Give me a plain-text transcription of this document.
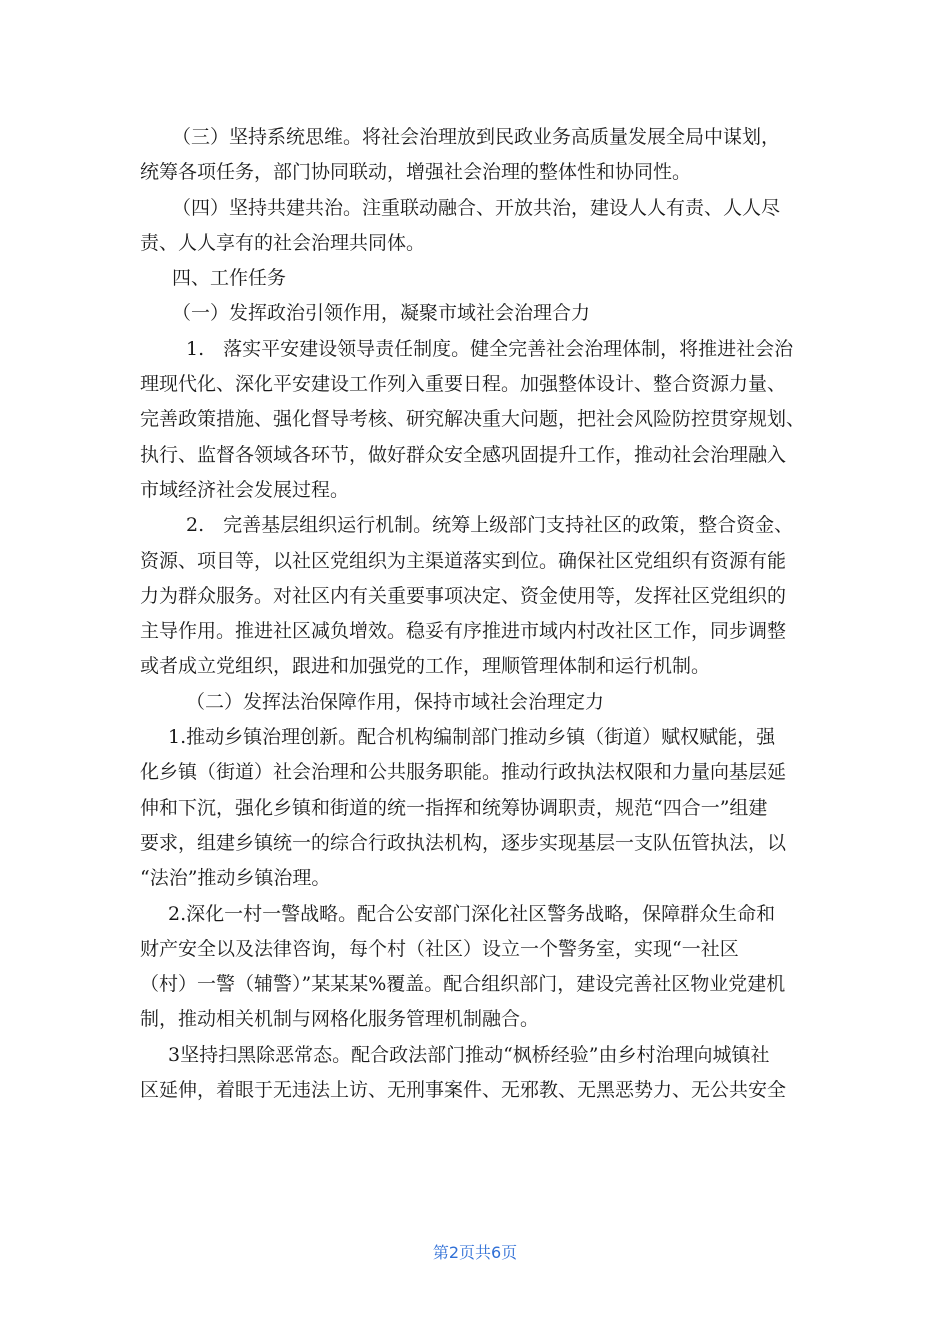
（三）坚持系统思维。将社会治理放到民政业务高质量发展全局中谋划，
统筹各项任务，部门协同联动，增强社会治理的整体性和协同性。
（四）坚持共建共治。注重联动融合、开放共治，建设人人有责、人人尽
责、人人享有的社会治理共同体。
四、工作任务
（一）发挥政治引领作用，凝聚市域社会治理合力
1.　落实平安建设领导责任制度。健全完善社会治理体制，将推进社会治
理现代化、深化平安建设工作列入重要日程。加强整体设计、整合资源力量、
完善政策措施、强化督导考核、研究解决重大问题，把社会风险防控贯穿规划、
执行、监督各领域各环节，做好群众安全感巩固提升工作，推动社会治理融入
市域经济社会发展过程。
2.　完善基层组织运行机制。统筹上级部门支持社区的政策，整合资金、
资源、项目等，以社区党组织为主渠道落实到位。确保社区党组织有资源有能
力为群众服务。对社区内有关重要事项决定、资金使用等，发挥社区党组织的
主导作用。推进社区减负增效。稳妥有序推进市域内村改社区工作，同步调整
或者成立党组织，跟进和加强党的工作，理顺管理体制和运行机制。
（二）发挥法治保障作用，保持市域社会治理定力
1.推动乡镇治理创新。配合机构编制部门推动乡镇（街道）赋权赋能，强
化乡镇（街道）社会治理和公共服务职能。推动行政执法权限和力量向基层延
伸和下沉，强化乡镇和街道的统一指挥和统筹协调职责，规范“四合一”组建
要求，组建乡镇统一的综合行政执法机构，逐步实现基层一支队伍管执法，以
“法治”推动乡镇治理。
2.深化一村一警战略。配合公安部门深化社区警务战略，保障群众生命和
财产安全以及法律咨询，每个村（社区）设立一个警务室，实现“一社区
（村）一警（辅警）”某某某%覆盖。配合组织部门，建设完善社区物业党建机
制，推动相关机制与网格化服务管理机制融合。
3坚持扫黑除恶常态。配合政法部门推动“枫桥经验”由乡村治理向城镇社
区延伸，着眼于无违法上访、无刑事案件、无邪教、无黑恶势力、无公共安全
第2页共6页
